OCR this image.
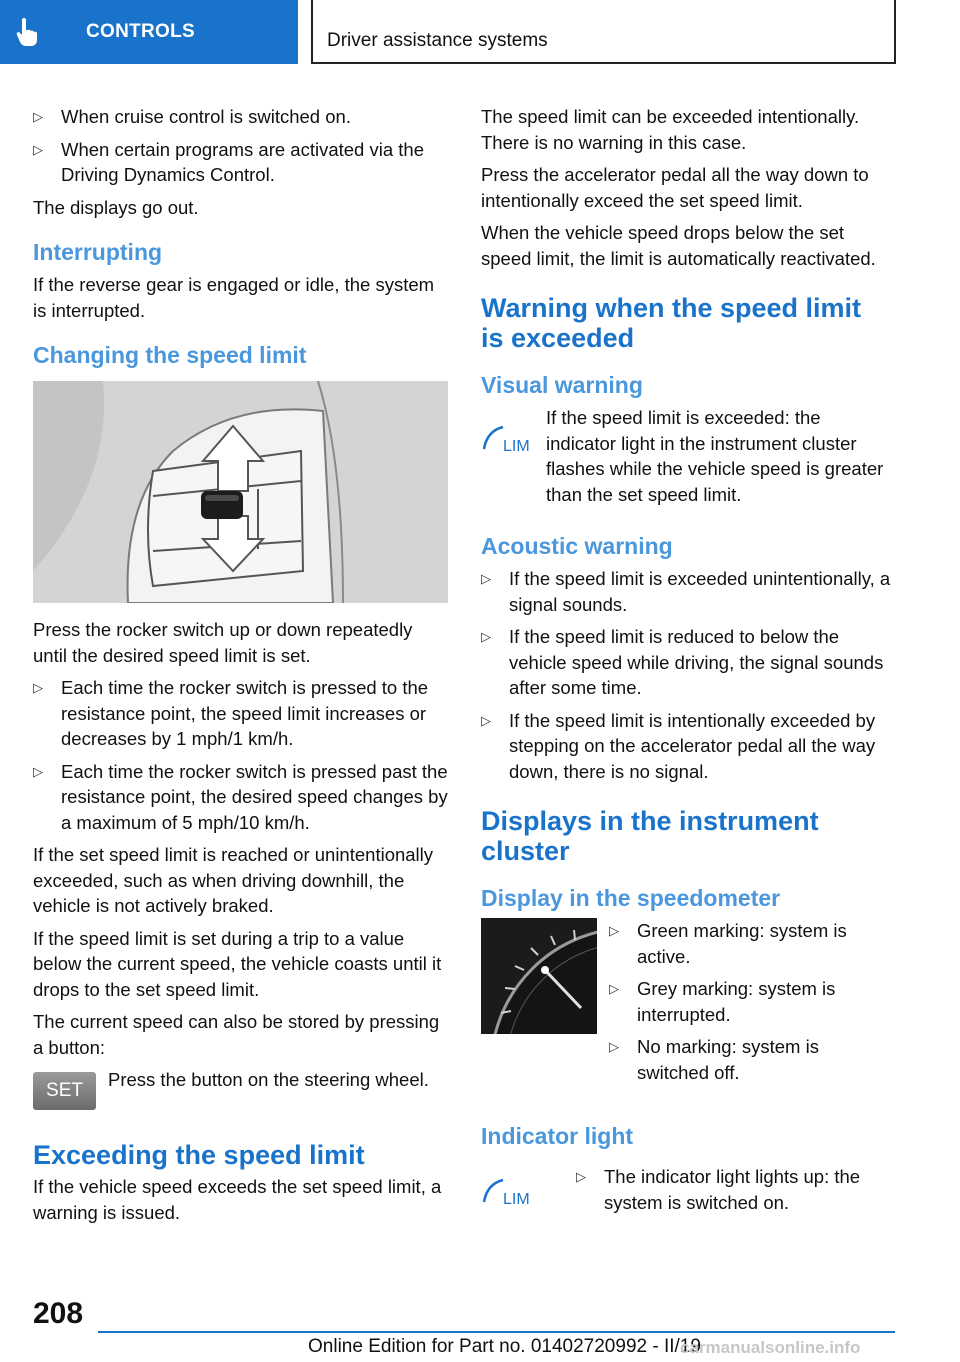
CONTROLS	Driver assistance systems
▷ When cruise control is switched on.
▷ When certain programs are activated via the Driving Dynamics Control.

The displays go out.

Interrupting

If the reverse gear is engaged or idle, the system is interrupted.

Changing the speed limit

Press the rocker switch up or down repeatedly until the desired speed limit is set.

▷ Each time the rocker switch is pressed to the resistance point, the speed limit increases or decreases by 1 mph/1 km/h.
▷ Each time the rocker switch is pressed past the resistance point, the desired speed changes by a maximum of 5 mph/10 km/h.

If the set speed limit is reached or unintentionally exceeded, such as when driving downhill, the vehicle is not actively braked.

If the speed limit is set during a trip to a value below the current speed, the vehicle coasts until it drops to the set speed limit.

The current speed can also be stored by pressing a button:

SET

Press the button on the steering wheel.

Exceeding the speed limit

If the vehicle speed exceeds the set speed limit, a warning is issued.

The speed limit can be exceeded intentionally. There is no warning in this case.

Press the accelerator pedal all the way down to intentionally exceed the set speed limit.

When the vehicle speed drops below the set speed limit, the limit is automatically reactivated.

Warning when the speed limit is exceeded
Visual warning
LIM

If the speed limit is exceeded: the indicator light in the instrument cluster flashes while the vehicle speed is greater than the set speed limit.

Acoustic warning
▷ If the speed limit is exceeded unintentionally, a signal sounds.
▷ If the speed limit is reduced to below the vehicle speed while driving, the signal sounds after some time.
▷ If the speed limit is intentionally exceeded by stepping on the accelerator pedal all the way down, there is no signal.
Displays in the instrument cluster
Display in the speedometer
▷ Green marking: system is active.
▷ Grey marking: system is interrupted.
▷ No marking: system is switched off.
Indicator light
LIM
▷ The indicator light lights up: the system is switched on.
208
Online Edition for Part no. 01402720992 - II/19
carmanualsonline.info
